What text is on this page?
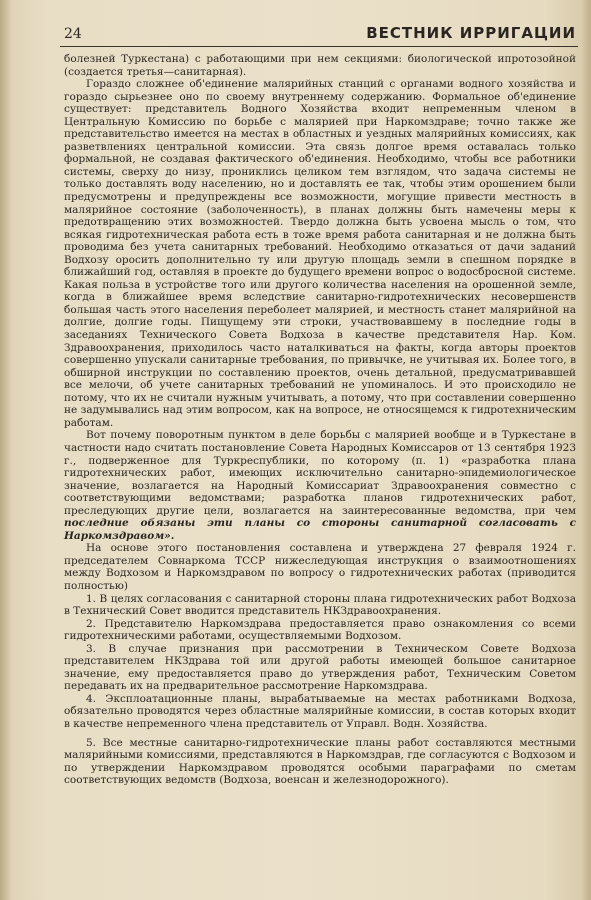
24	ВЕСТНИК ИРРИГАЦИИ

болезней Туркестана) с работающими при нем секциями: биологической ипротозойной (создается третья—санитарная).

Гораздо сложнее об'единение малярийных станций с органами водного хозяйства и гораздо сырьезнее оно по своему внутреннему содержанию. Формальное об'единение существует: представитель Водного Хозяйства входит непременным членом в Центральную Комиссию по борьбе с малярией при Наркомздраве; точно также же представительство имеется на местах в областных и уездных малярийных комиссиях, как разветвлениях центральной комиссии. Эта связь долгое время оставалась только формальной, не создавая фактического об'единения. Необходимо, чтобы все работники системы, сверху до низу, прониклись целиком тем взглядом, что задача системы не только доставлять воду населению, но и доставлять ее так, чтобы этим орошением были предусмотрены и предупреждены все возможности, могущие привести местность в малярийное состояние (заболоченность), в планах должны быть намечены меры к предотвращению этих возможностей. Твердо должна быть усвоена мысль о том, что всякая гидротехническая работа есть в тоже время работа санитарная и не должна быть проводима без учета санитарных требований. Необходимо отказаться от дачи заданий Водхозу оросить дополнительно ту или другую площадь земли в спешном порядке в ближайший год, оставляя в проекте до будущего времени вопрос о водосбросной системе. Какая польза в устройстве того или другого количества населения на орошенной земле, когда в ближайшее время вследствие санитарно-гидротехнических несовершенств большая часть этого населения переболеет малярией, и местность станет малярийной на долгие, долгие годы. Пищущему эти строки, участвовавшему в последние годы в заседаниях Технического Совета Водхоза в качестве представителя Нар. Ком. Здравоохранения, приходилось часто наталкиваться на факты, когда авторы проектов совершенно упускали санитарные требования, по привычке, не учитывая их. Более того, в обширной инструкции по составлению проектов, очень детальной, предусматривавшей все мелочи, об учете санитарных требований не упоминалось. И это происходило не потому, что их не считали нужным учитывать, а потому, что при составлении совершенно не задумывались над этим вопросом, как на вопросе, не относящемся к гидротехническим работам.

Вот почему поворотным пунктом в деле борьбы с малярией вообще и в Туркестане в частности надо считать постановление Совета Народных Комиссаров от 13 сентября 1923 г., подверженное для Туркреспублики, по которому (п. 1) «разработка плана гидротехнических работ, имеющих исключительно санитарно-эпидемиологическое значение, возлагается на Народный Комиссариат Здравоохранения совместно с соответствующими ведомствами; разработка планов гидротехнических работ, преследующих другие цели, возлагается на заинтересованные ведомства, при чем последние обязаны эти планы со стороны санитарной согласовать с Наркомздравом».

На основе этого постановления составлена и утверждена 27 февраля 1924 г. председателем Совнаркома ТССР нижеследующая инструкция о взаимоотношениях между Водхозом и Наркомздравом по вопросу о гидротехнических работах (приводится полностью)

1. В целях согласования с санитарной стороны плана гидротехнических работ Водхоза в Технический Совет вводится представитель НКЗдравоохранения.

2. Представителю Наркомздрава предоставляется право ознакомления со всеми гидротехническими работами, осуществляемыми Водхозом.

3. В случае признания при рассмотрении в Техническом Совете Водхоза представителем НКЗдрава той или другой работы имеющей большое санитарное значение, ему предоставляется право до утверждения работ, Техническим Советом передавать их на предварительное рассмотрение Наркомздрава.

4. Эксплоатационные планы, вырабатываемые на местах работниками Водхоза, обязательно проводятся через областные малярийные комиссии, в состав которых входит в качестве непременного члена представитель от Управл. Водн. Хозяйства.

5. Все местные санитарно-гидротехнические планы работ составляются местными малярийными комиссиями, представляются в Наркомздрав, где согласуются с Водхозом и по утверждении Наркомздравом проводятся особыми параграфами по сметам соответствующих ведомств (Водхоза, военсан и железнодорожного).
